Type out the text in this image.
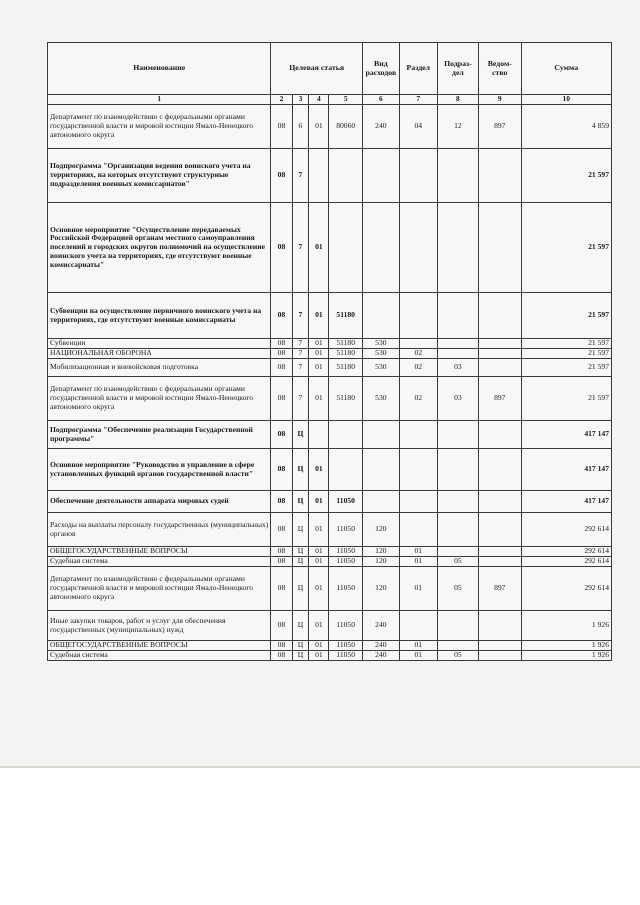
Наименование	Целевая статья				Вид расходов	Раздел	Подраз-дел	Ведом-ство	Сумма
1	2	3	4	5	6	7	8	9	10
Департамент по взаимодействию с федеральными органами государственной власти и мировой юстиции Ямало-Ненецкого автономного округа	08	6	01	80060	240	04	12	897	4 859
Подпрограмма "Организация ведения воинского учета на территориях, на которых отсутствуют структурные подразделения военных комиссариатов"	08	7							21 597
Основное мероприятие "Осуществление передаваемых Российской Федерацией органам местного самоуправления поселений и городских округов полномочий на осуществление воинского учета на территориях, где отсутствуют военные комиссариаты"	08	7	01						21 597
Субвенции на осуществление первичного воинского учета на территориях, где отсутствуют военные комиссариаты	08	7	01	51180					21 597
Субвенции	08	7	01	51180	530				21 597
НАЦИОНАЛЬНАЯ ОБОРОНА	08	7	01	51180	530	02			21 597
Мобилизационная и вневойсковая подготовка	08	7	01	51180	530	02	03		21 597
Департамент по взаимодействию с федеральными органами государственной власти и мировой юстиции Ямало-Ненецкого автономного округа	08	7	01	51180	530	02	03	897	21 597
Подпрограмма "Обеспечение реализации Государственной программы"	08	Ц							417 147
Основное мероприятие "Руководство и управление в сфере установленных функций органов государственной власти"	08	Ц	01						417 147
Обеспечение деятельности аппарата мировых судей	08	Ц	01	11050					417 147
Расходы на выплаты персоналу государственных (муниципальных) органов	08	Ц	01	11050	120				292 614
ОБЩЕГОСУДАРСТВЕННЫЕ ВОПРОСЫ	08	Ц	01	11050	120	01			292 614
Судебная система	08	Ц	01	11050	120	01	05		292 614
Департамент по взаимодействию с федеральными органами государственной власти и мировой юстиции Ямало-Ненецкого автономного округа	08	Ц	01	11050	120	01	05	897	292 614
Иные закупки товаров, работ и услуг для обеспечения государственных (муниципальных) нужд	08	Ц	01	11050	240				1 926
ОБЩЕГОСУДАРСТВЕННЫЕ ВОПРОСЫ	08	Ц	01	11050	240	01			1 926
Судебная система	08	Ц	01	11050	240	01	05		1 926
